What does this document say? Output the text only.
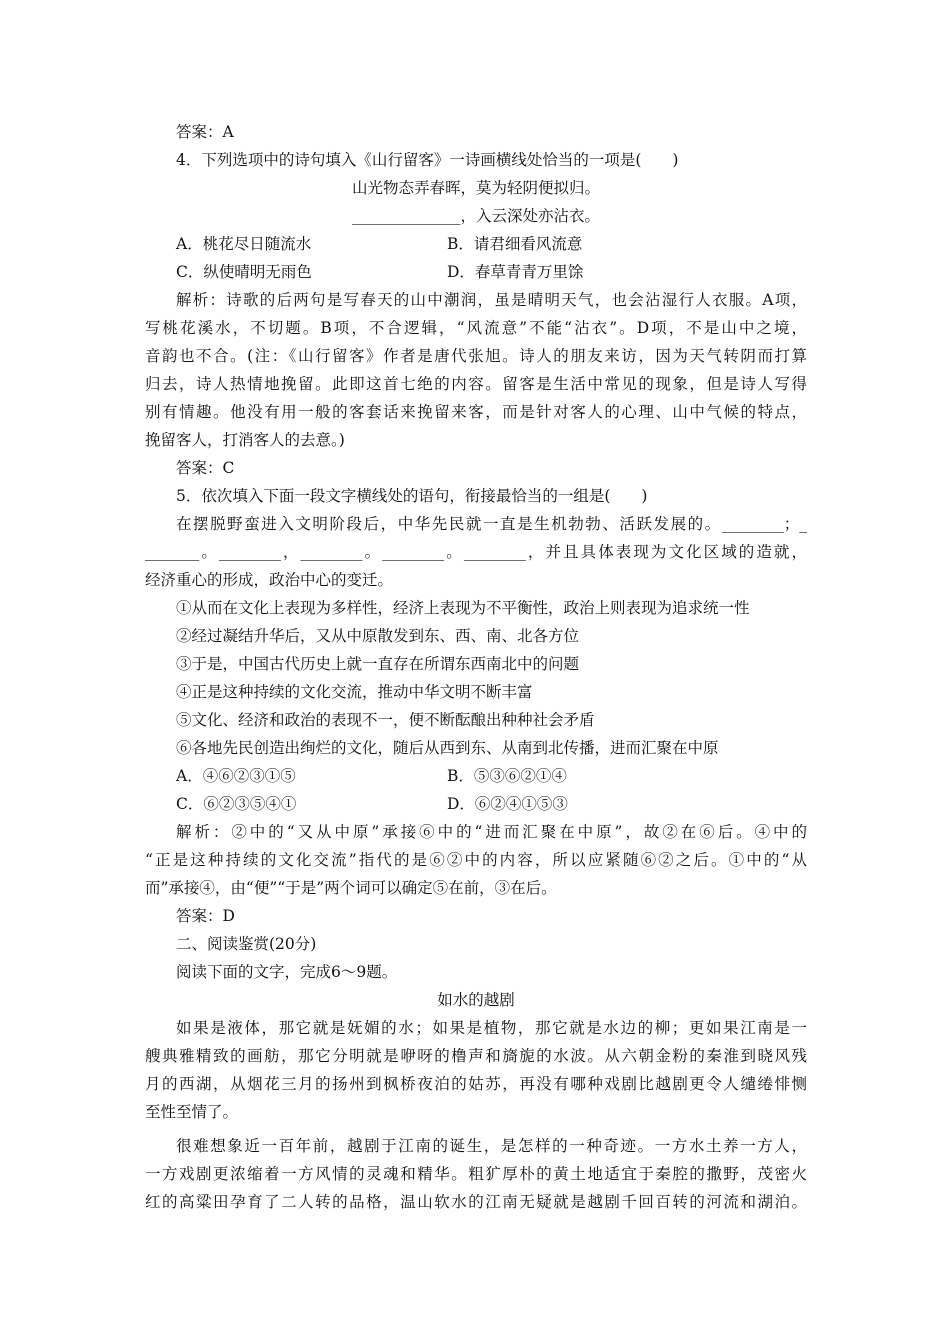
答案：A
4．下列选项中的诗句填入《山行留客》一诗画横线处恰当的一项是(　　)
山光物态弄春晖，莫为轻阴便拟归。
______________，入云深处亦沾衣。
A．桃花尽日随流水	B．请君细看风流意
C．纵使晴明无雨色	D．春草青青万里馀
解析：诗歌的后两句是写春天的山中潮润，虽是晴明天气，也会沾湿行人衣服。A项，
写桃花溪水，不切题。B项，不合逻辑，“风流意”不能“沾衣”。D项，不是山中之境，
音韵也不合。(注：《山行留客》作者是唐代张旭。诗人的朋友来访，因为天气转阴而打算
归去，诗人热情地挽留。此即这首七绝的内容。留客是生活中常见的现象，但是诗人写得
别有情趣。他没有用一般的客套话来挽留来客，而是针对客人的心理、山中气候的特点，
挽留客人，打消客人的去意。)
答案：C
5．依次填入下面一段文字横线处的语句，衔接最恰当的一组是(　　)
在摆脱野蛮进入文明阶段后，中华先民就一直是生机勃勃、活跃发展的。________；_
_______。________，________。________。________，并且具体表现为文化区域的造就，
经济重心的形成，政治中心的变迁。
①从而在文化上表现为多样性，经济上表现为不平衡性，政治上则表现为追求统一性
②经过凝结升华后，又从中原散发到东、西、南、北各方位
③于是，中国古代历史上就一直存在所谓东西南北中的问题
④正是这种持续的文化交流，推动中华文明不断丰富
⑤文化、经济和政治的表现不一，便不断酝酿出种种社会矛盾
⑥各地先民创造出绚烂的文化，随后从西到东、从南到北传播，进而汇聚在中原
A．④⑥②③①⑤	B．⑤③⑥②①④
C．⑥②③⑤④①	D．⑥②④①⑤③
解析：②中的“又从中原”承接⑥中的“进而汇聚在中原”，故②在⑥后。④中的
“正是这种持续的文化交流”指代的是⑥②中的内容，所以应紧随⑥②之后。①中的“从
而”承接④，由“便”“于是”两个词可以确定⑤在前，③在后。
答案：D
二、阅读鉴赏(20分)
阅读下面的文字，完成6～9题。
如水的越剧
如果是液体，那它就是妩媚的水；如果是植物，那它就是水边的柳；更如果江南是一
艘典雅精致的画舫，那它分明就是咿呀的橹声和旖旎的水波。从六朝金粉的秦淮到晓风残
月的西湖，从烟花三月的扬州到枫桥夜泊的姑苏，再没有哪种戏剧比越剧更令人缱绻悱恻
至性至情了。
很难想象近一百年前，越剧于江南的诞生，是怎样的一种奇迹。一方水土养一方人，
一方戏剧更浓缩着一方风情的灵魂和精华。粗犷厚朴的黄土地适宜于秦腔的撒野，茂密火
红的高粱田孕育了二人转的品格，温山软水的江南无疑就是越剧千回百转的河流和湖泊。
